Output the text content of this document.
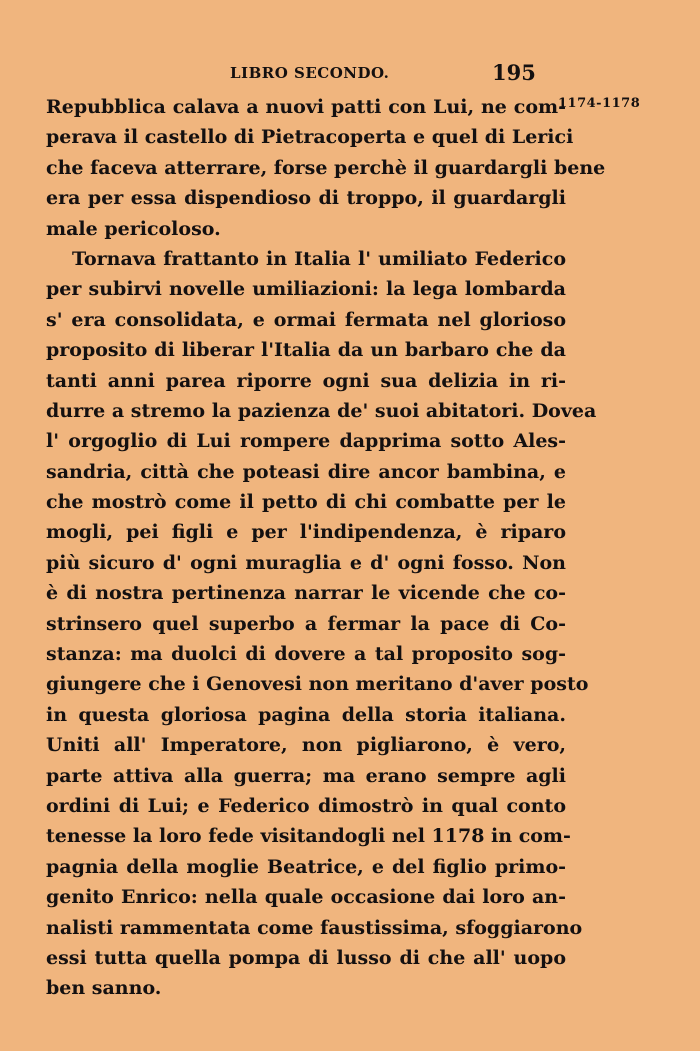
LIBRO SECONDO.	195
1174-1178
Repubblica calava a nuovi patti con Lui, ne com-
perava il castello di Pietracoperta e quel di Lerici
che faceva atterrare, forse perchè il guardargli bene
era per essa dispendioso di troppo, il guardargli
male pericoloso.
Tornava frattanto in Italia l' umiliato Federico
per subirvi novelle umiliazioni: la lega lombarda
s' era consolidata, e ormai fermata nel glorioso
proposito di liberar l'Italia da un barbaro che da
tanti anni parea riporre ogni sua delizia in ri-
durre a stremo la pazienza de' suoi abitatori. Dovea
l' orgoglio di Lui rompere dapprima sotto Ales-
sandria, città che poteasi dire ancor bambina, e
che mostrò come il petto di chi combatte per le
mogli, pei figli e per l'indipendenza, è riparo
più sicuro d' ogni muraglia e d' ogni fosso. Non
è di nostra pertinenza narrar le vicende che co-
strinsero quel superbo a fermar la pace di Co-
stanza: ma duolci di dovere a tal proposito sog-
giungere che i Genovesi non meritano d'aver posto
in questa gloriosa pagina della storia italiana.
Uniti all' Imperatore, non pigliarono, è vero,
parte attiva alla guerra; ma erano sempre agli
ordini di Lui; e Federico dimostrò in qual conto
tenesse la loro fede visitandogli nel 1178 in com-
pagnia della moglie Beatrice, e del figlio primo-
genito Enrico: nella quale occasione dai loro an-
nalisti rammentata come faustissima, sfoggiarono
essi tutta quella pompa di lusso di che all' uopo
ben sanno.
